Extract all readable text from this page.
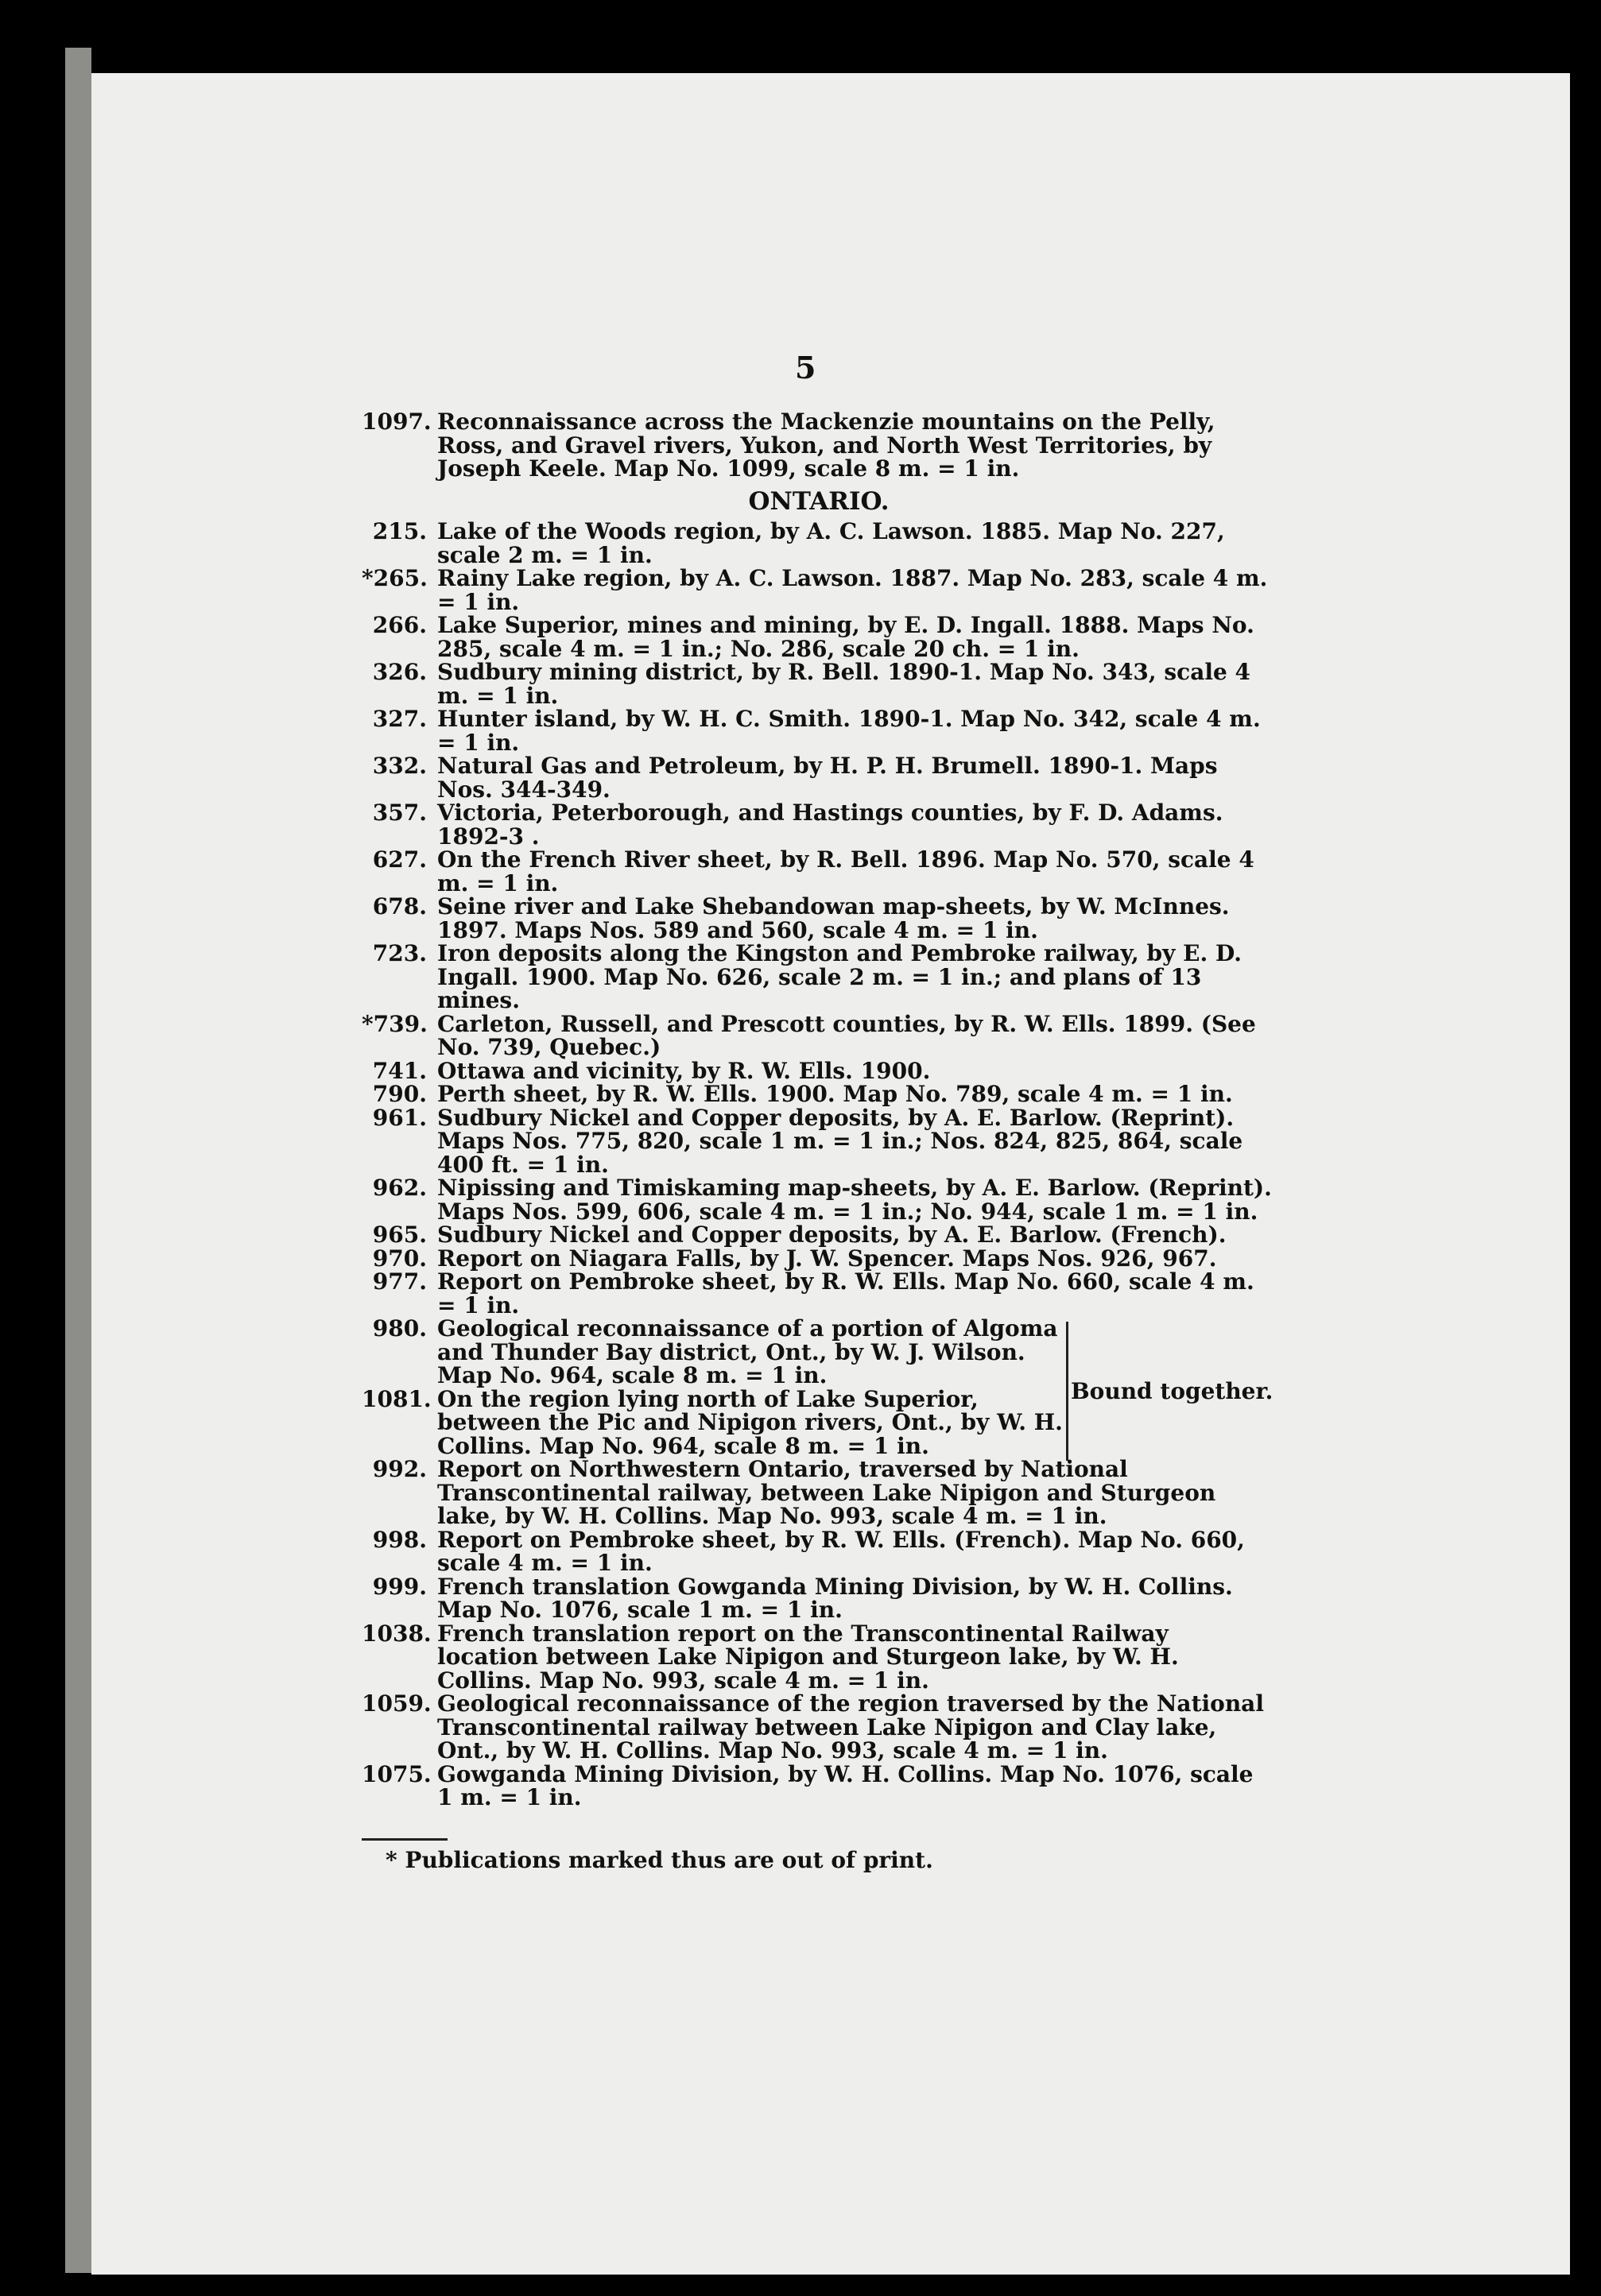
5
1097. Reconnaissance across the Mackenzie mountains on the Pelly, Ross, and Gravel rivers, Yukon, and North West Territories, by Joseph Keele. Map No. 1099, scale 8 m. = 1 in.
ONTARIO.
215. Lake of the Woods region, by A. C. Lawson. 1885. Map No. 227, scale 2 m. = 1 in.
*265. Rainy Lake region, by A. C. Lawson. 1887. Map No. 283, scale 4 m. = 1 in.
266. Lake Superior, mines and mining, by E. D. Ingall. 1888. Maps No. 285, scale 4 m. = 1 in.; No. 286, scale 20 ch. = 1 in.
326. Sudbury mining district, by R. Bell. 1890-1. Map No. 343, scale 4 m. = 1 in.
327. Hunter island, by W. H. C. Smith. 1890-1. Map No. 342, scale 4 m. = 1 in.
332. Natural Gas and Petroleum, by H. P. H. Brumell. 1890-1. Maps Nos. 344-349.
357. Victoria, Peterborough, and Hastings counties, by F. D. Adams. 1892-3 .
627. On the French River sheet, by R. Bell. 1896. Map No. 570, scale 4 m. = 1 in.
678. Seine river and Lake Shebandowan map-sheets, by W. McInnes. 1897. Maps Nos. 589 and 560, scale 4 m. = 1 in.
723. Iron deposits along the Kingston and Pembroke railway, by E. D. Ingall. 1900. Map No. 626, scale 2 m. = 1 in.; and plans of 13 mines.
*739. Carleton, Russell, and Prescott counties, by R. W. Ells. 1899. (See No. 739, Quebec.)
741. Ottawa and vicinity, by R. W. Ells. 1900.
790. Perth sheet, by R. W. Ells. 1900. Map No. 789, scale 4 m. = 1 in.
961. Sudbury Nickel and Copper deposits, by A. E. Barlow. (Reprint). Maps Nos. 775, 820, scale 1 m. = 1 in.; Nos. 824, 825, 864, scale 400 ft. = 1 in.
962. Nipissing and Timiskaming map-sheets, by A. E. Barlow. (Reprint). Maps Nos. 599, 606, scale 4 m. = 1 in.; No. 944, scale 1 m. = 1 in.
965. Sudbury Nickel and Copper deposits, by A. E. Barlow. (French).
970. Report on Niagara Falls, by J. W. Spencer. Maps Nos. 926, 967.
977. Report on Pembroke sheet, by R. W. Ells. Map No. 660, scale 4 m. = 1 in.
980. Geological reconnaissance of a portion of Algoma and Thunder Bay district, Ont., by W. J. Wilson. Map No. 964, scale 8 m. = 1 in.
1081. On the region lying north of Lake Superior, between the Pic and Nipigon rivers, Ont., by W. H. Collins. Map No. 964, scale 8 m. = 1 in.
Bound together.
992. Report on Northwestern Ontario, traversed by National Transcontinental railway, between Lake Nipigon and Sturgeon lake, by W. H. Collins. Map No. 993, scale 4 m. = 1 in.
998. Report on Pembroke sheet, by R. W. Ells. (French). Map No. 660, scale 4 m. = 1 in.
999. French translation Gowganda Mining Division, by W. H. Collins. Map No. 1076, scale 1 m. = 1 in.
1038. French translation report on the Transcontinental Railway location between Lake Nipigon and Sturgeon lake, by W. H. Collins. Map No. 993, scale 4 m. = 1 in.
1059. Geological reconnaissance of the region traversed by the National Transcontinental railway between Lake Nipigon and Clay lake, Ont., by W. H. Collins. Map No. 993, scale 4 m. = 1 in.
1075. Gowganda Mining Division, by W. H. Collins. Map No. 1076, scale 1 m. = 1 in.
* Publications marked thus are out of print.
